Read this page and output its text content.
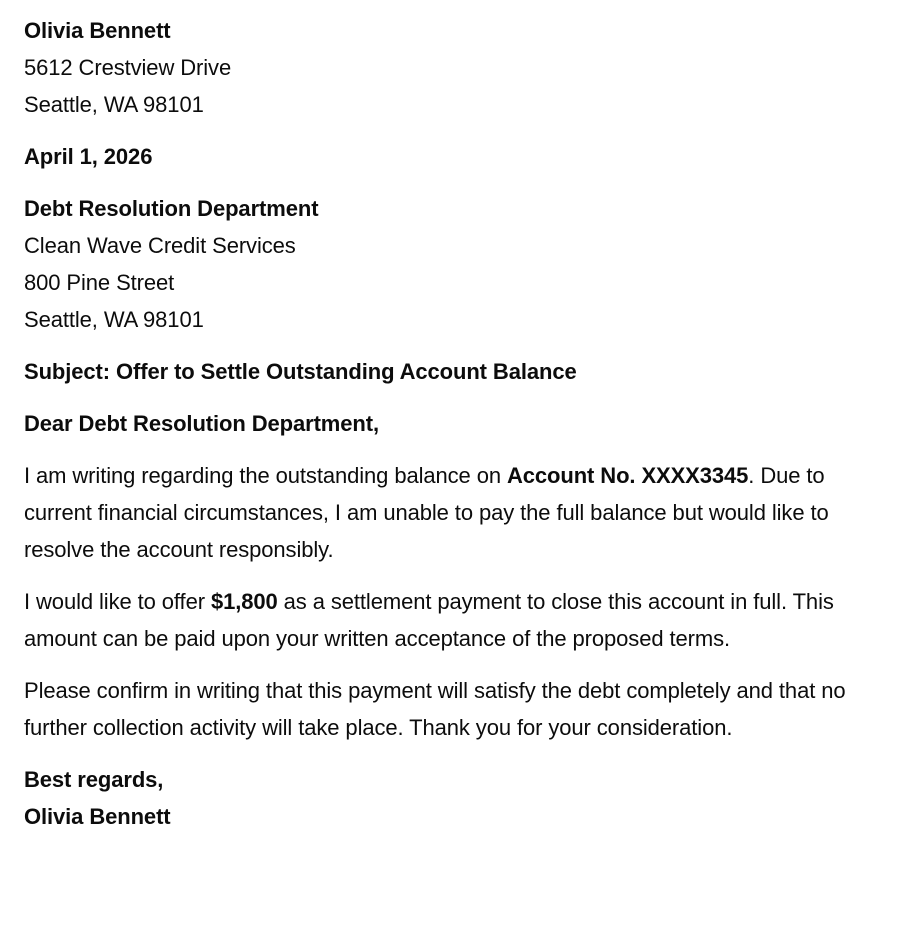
Olivia Bennett
5612 Crestview Drive
Seattle, WA 98101
April 1, 2026
Debt Resolution Department
Clean Wave Credit Services
800 Pine Street
Seattle, WA 98101
Subject: Offer to Settle Outstanding Account Balance
Dear Debt Resolution Department,

I am writing regarding the outstanding balance on Account No. XXXX3345. Due to current financial circumstances, I am unable to pay the full balance but would like to resolve the account responsibly.

I would like to offer $1,800 as a settlement payment to close this account in full. This amount can be paid upon your written acceptance of the proposed terms.

Please confirm in writing that this payment will satisfy the debt completely and that no further collection activity will take place. Thank you for your consideration.

Best regards,
Olivia Bennett
